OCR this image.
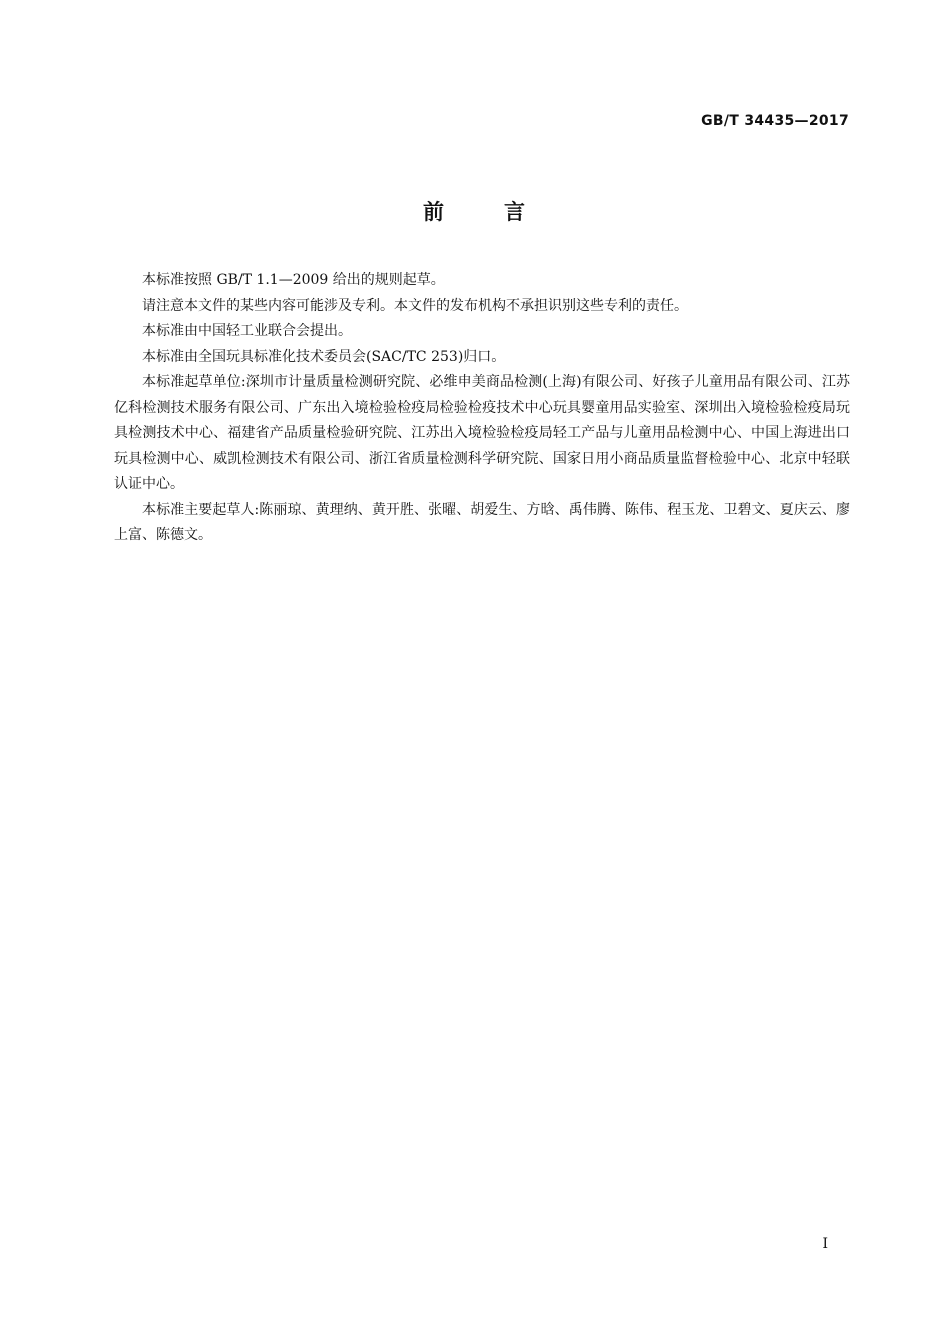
GB/T 34435—2017
前	言

本标准按照 GB/T 1.1—2009 给出的规则起草。

请注意本文件的某些内容可能涉及专利。本文件的发布机构不承担识别这些专利的责任。

本标准由中国轻工业联合会提出。

本标准由全国玩具标准化技术委员会(SAC/TC 253)归口。

本标准起草单位:深圳市计量质量检测研究院、必维申美商品检测(上海)有限公司、好孩子儿童用品有限公司、江苏亿科检测技术服务有限公司、广东出入境检验检疫局检验检疫技术中心玩具婴童用品实验室、深圳出入境检验检疫局玩具检测技术中心、福建省产品质量检验研究院、江苏出入境检验检疫局轻工产品与儿童用品检测中心、中国上海进出口玩具检测中心、威凯检测技术有限公司、浙江省质量检测科学研究院、国家日用小商品质量监督检验中心、北京中轻联认证中心。

本标准主要起草人:陈丽琼、黄理纳、黄开胜、张曜、胡爱生、方晗、禹伟腾、陈伟、程玉龙、卫碧文、夏庆云、廖上富、陈德文。

I
